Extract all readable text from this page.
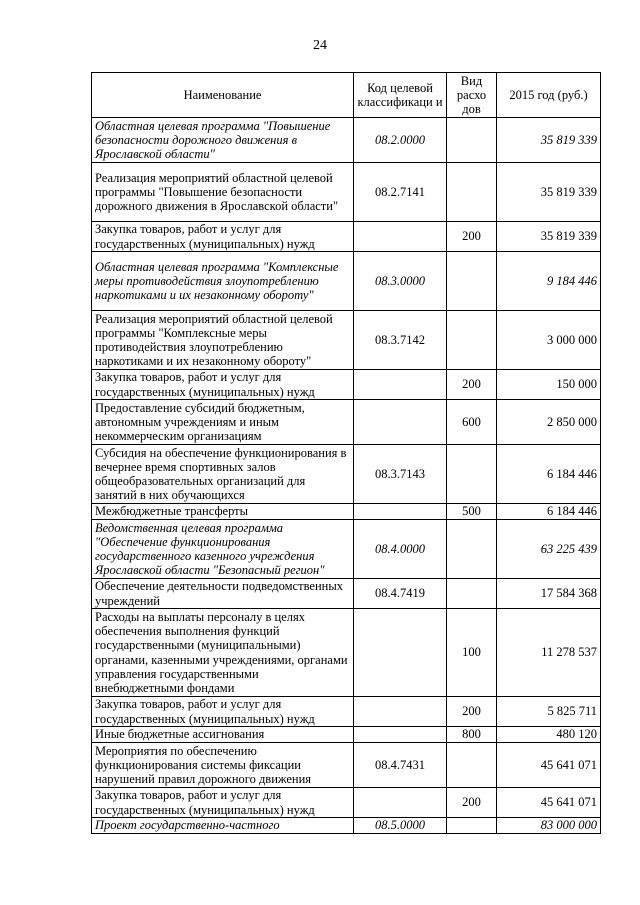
24
Наименование	Код целевой классификаци и	Вид расхо дов	2015 год (руб.)
Областная целевая программа "Повышение безопасности дорожного движения в Ярославской области"	08.2.0000		35 819 339
Реализация мероприятий областной целевой программы "Повышение безопасности дорожного движения в Ярославской области"	08.2.7141		35 819 339
Закупка товаров, работ и услуг для государственных (муниципальных) нужд		200	35 819 339
Областная целевая программа "Комплексные меры противодействия злоупотреблению наркотиками и их незаконному обороту"	08.3.0000		9 184 446
Реализация мероприятий областной целевой программы "Комплексные меры противодействия злоупотреблению наркотиками и их незаконному обороту"	08.3.7142		3 000 000
Закупка товаров, работ и услуг для государственных (муниципальных) нужд		200	150 000
Предоставление субсидий бюджетным, автономным учреждениям и иным некоммерческим организациям		600	2 850 000
Субсидия на обеспечение функционирования в вечернее время спортивных залов общеобразовательных организаций для занятий в них обучающихся	08.3.7143		6 184 446
Межбюджетные трансферты		500	6 184 446
Ведомственная целевая программа "Обеспечение функционирования государственного казенного учреждения Ярославской области "Безопасный регион"	08.4.0000		63 225 439
Обеспечение деятельности подведомственных учреждений	08.4.7419		17 584 368
Расходы на выплаты персоналу в целях обеспечения выполнения функций государственными (муниципальными) органами, казенными учреждениями, органами управления государственными внебюджетными фондами		100	11 278 537
Закупка товаров, работ и услуг для государственных (муниципальных) нужд		200	5 825 711
Иные бюджетные ассигнования		800	480 120
Мероприятия по обеспечению функционирования системы фиксации нарушений правил дорожного движения	08.4.7431		45 641 071
Закупка товаров, работ и услуг для государственных (муниципальных) нужд		200	45 641 071
Проект государственно-частного	08.5.0000		83 000 000
